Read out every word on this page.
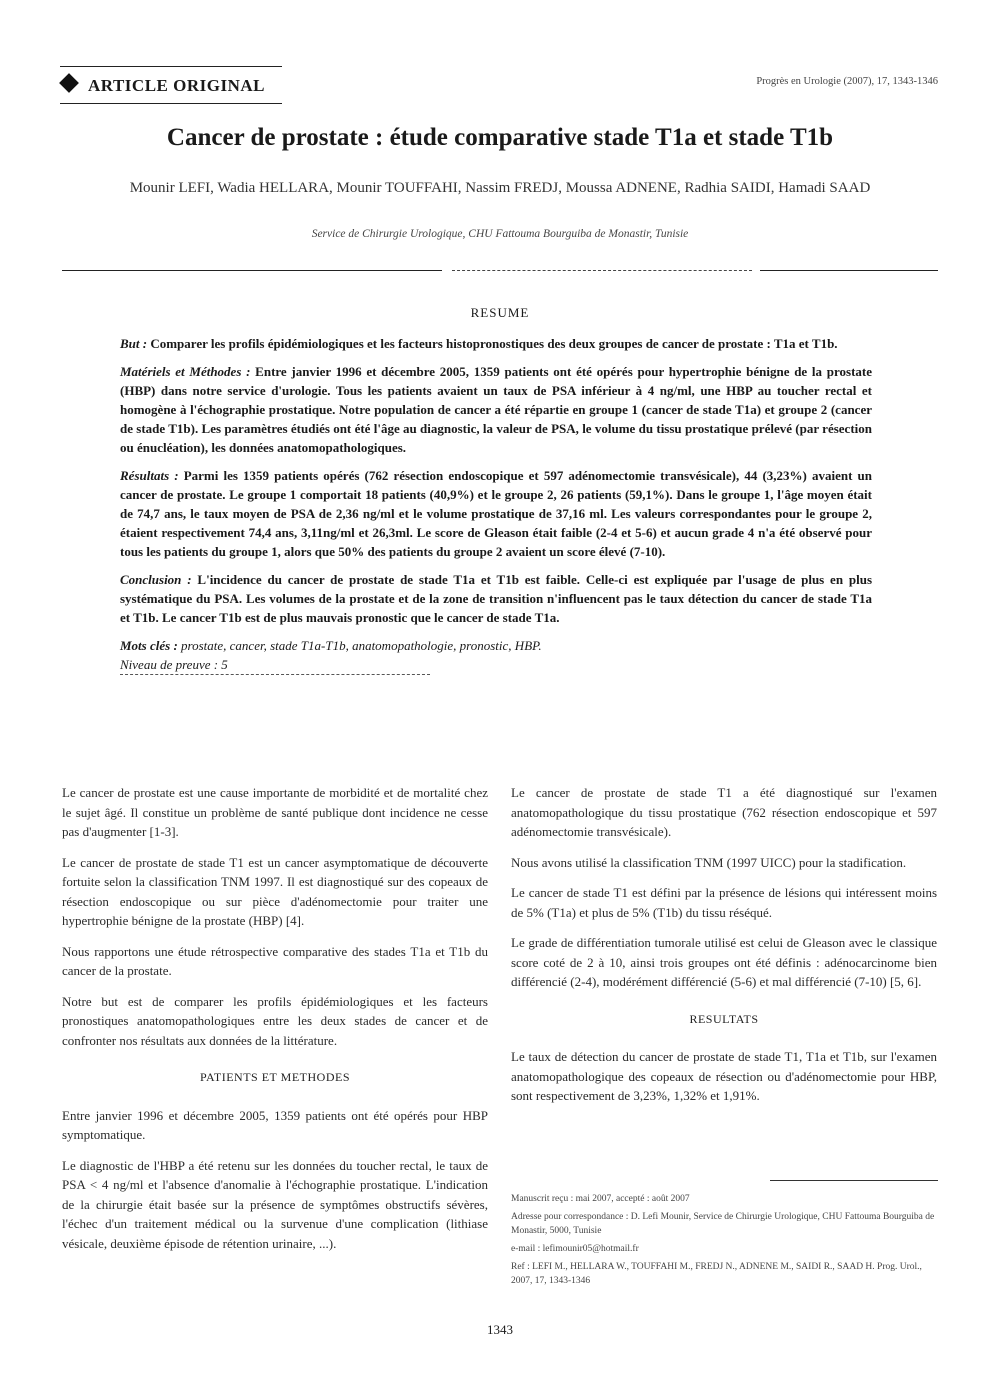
ARTICLE ORIGINAL	Progrès en Urologie (2007), 17, 1343-1346
Cancer de prostate : étude comparative stade T1a et stade T1b
Mounir LEFI, Wadia HELLARA, Mounir TOUFFAHI, Nassim FREDJ, Moussa ADNENE, Radhia SAIDI, Hamadi SAAD
Service de Chirurgie Urologique, CHU Fattouma Bourguiba de Monastir, Tunisie
RESUME

But : Comparer les profils épidémiologiques et les facteurs histopronostiques des deux groupes de cancer de prostate : T1a et T1b.

Matériels et Méthodes : Entre janvier 1996 et décembre 2005, 1359 patients ont été opérés pour hypertrophie bénigne de la prostate (HBP) dans notre service d'urologie. Tous les patients avaient un taux de PSA inférieur à 4 ng/ml, une HBP au toucher rectal et homogène à l'échographie prostatique. Notre population de cancer a été répartie en groupe 1 (cancer de stade T1a) et groupe 2 (cancer de stade T1b). Les paramètres étudiés ont été l'âge au diagnostic, la valeur de PSA, le volume du tissu prostatique prélevé (par résection ou énucléation), les données anatomopathologiques.

Résultats : Parmi les 1359 patients opérés (762 résection endoscopique et 597 adénomectomie transvésicale), 44 (3,23%) avaient un cancer de prostate. Le groupe 1 comportait 18 patients (40,9%) et le groupe 2, 26 patients (59,1%). Dans le groupe 1, l'âge moyen était de 74,7 ans, le taux moyen de PSA de 2,36 ng/ml et le volume prostatique de 37,16 ml. Les valeurs correspondantes pour le groupe 2, étaient respectivement 74,4 ans, 3,11ng/ml et 26,3ml. Le score de Gleason était faible (2-4 et 5-6) et aucun grade 4 n'a été observé pour tous les patients du groupe 1, alors que 50% des patients du groupe 2 avaient un score élevé (7-10).

Conclusion : L'incidence du cancer de prostate de stade T1a et T1b est faible. Celle-ci est expliquée par l'usage de plus en plus systématique du PSA. Les volumes de la prostate et de la zone de transition n'influencent pas le taux détection du cancer de stade T1a et T1b. Le cancer T1b est de plus mauvais pronostic que le cancer de stade T1a.

Mots clés : prostate, cancer, stade T1a-T1b, anatomopathologie, pronostic, HBP.
Niveau de preuve : 5

Le cancer de prostate est une cause importante de morbidité et de mortalité chez le sujet âgé. Il constitue un problème de santé publique dont incidence ne cesse pas d'augmenter [1-3].

Le cancer de prostate de stade T1 est un cancer asymptomatique de découverte fortuite selon la classification TNM 1997. Il est diagnostiqué sur des copeaux de résection endoscopique ou sur pièce d'adénomectomie pour traiter une hypertrophie bénigne de la prostate (HBP) [4].

Nous rapportons une étude rétrospective comparative des stades T1a et T1b du cancer de la prostate.

Notre but est de comparer les profils épidémiologiques et les facteurs pronostiques anatomopathologiques entre les deux stades de cancer et de confronter nos résultats aux données de la littérature.

PATIENTS ET METHODES

Entre janvier 1996 et décembre 2005, 1359 patients ont été opérés pour HBP symptomatique.

Le diagnostic de l'HBP a été retenu sur les données du toucher rectal, le taux de PSA < 4 ng/ml et l'absence d'anomalie à l'échographie prostatique. L'indication de la chirurgie était basée sur la présence de symptômes obstructifs sévères, l'échec d'un traitement médical ou la survenue d'une complication (lithiase vésicale, deuxième épisode de rétention urinaire, ...).

Le cancer de prostate de stade T1 a été diagnostiqué sur l'examen anatomopathologique du tissu prostatique (762 résection endoscopique et 597 adénomectomie transvésicale).

Nous avons utilisé la classification TNM (1997 UICC) pour la stadification.

Le cancer de stade T1 est défini par la présence de lésions qui intéressent moins de 5% (T1a) et plus de 5% (T1b) du tissu réséqué.

Le grade de différentiation tumorale utilisé est celui de Gleason avec le classique score coté de 2 à 10, ainsi trois groupes ont été définis : adénocarcinome bien différencié (2-4), modérément différencié (5-6) et mal différencié (7-10) [5, 6].

RESULTATS

Le taux de détection du cancer de prostate de stade T1, T1a et T1b, sur l'examen anatomopathologique des copeaux de résection ou d'adénomectomie pour HBP, sont respectivement de 3,23%, 1,32% et 1,91%.

Manuscrit reçu : mai 2007, accepté : août 2007

Adresse pour correspondance : D. Lefi Mounir, Service de Chirurgie Urologique, CHU Fattouma Bourguiba de Monastir, 5000, Tunisie

e-mail : lefimounir05@hotmail.fr

Ref : LEFI M., HELLARA W., TOUFFAHI M., FREDJ N., ADNENE M., SAIDI R., SAAD H. Prog. Urol., 2007, 17, 1343-1346

1343
